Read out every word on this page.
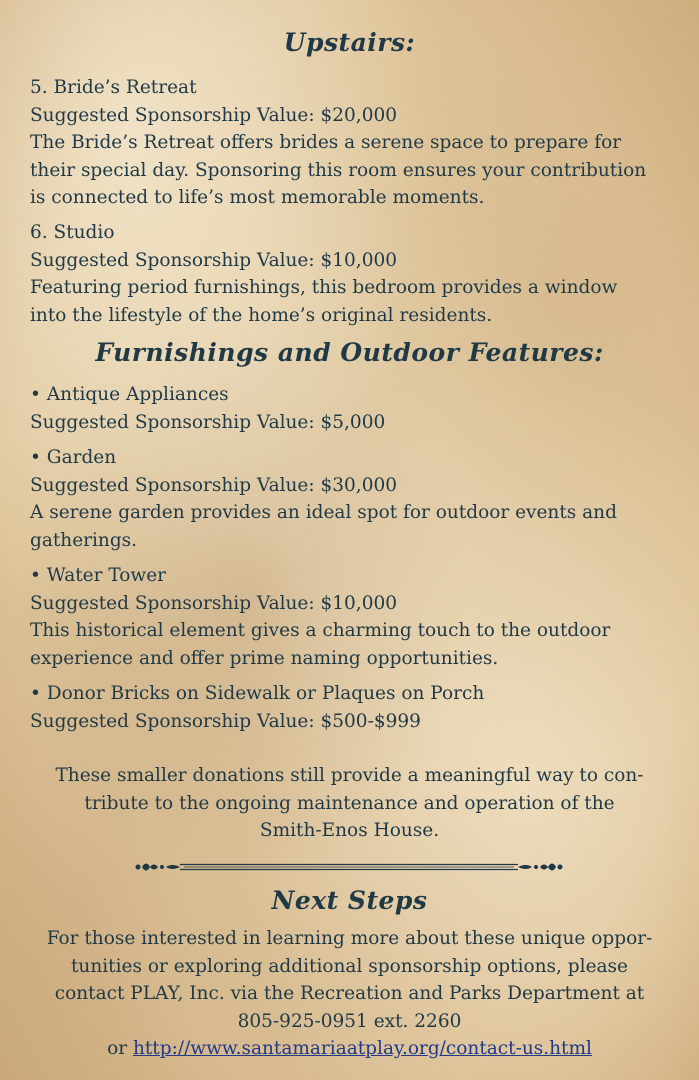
Upstairs:
5. Bride’s Retreat
Suggested Sponsorship Value: $20,000
The Bride’s Retreat offers brides a serene space to prepare for
their special day. Sponsoring this room ensures your contribution
is connected to life’s most memorable moments.
6. Studio
Suggested Sponsorship Value: $10,000
Featuring period furnishings, this bedroom provides a window
into the lifestyle of the home’s original residents.
Furnishings and Outdoor Features:
• Antique Appliances
Suggested Sponsorship Value: $5,000
• Garden
Suggested Sponsorship Value: $30,000
A serene garden provides an ideal spot for outdoor events and
gatherings.
• Water Tower
Suggested Sponsorship Value: $10,000
This historical element gives a charming touch to the outdoor
experience and offer prime naming opportunities.
• Donor Bricks on Sidewalk or Plaques on Porch
Suggested Sponsorship Value: $500-$999
These smaller donations still provide a meaningful way to con-
tribute to the ongoing maintenance and operation of the
Smith-Enos House.
Next Steps
For those interested in learning more about these unique oppor-
tunities or exploring additional sponsorship options, please
contact PLAY, Inc. via the Recreation and Parks Department at
805-925-0951 ext. 2260
or http://www.santamariaatplay.org/contact-us.html
